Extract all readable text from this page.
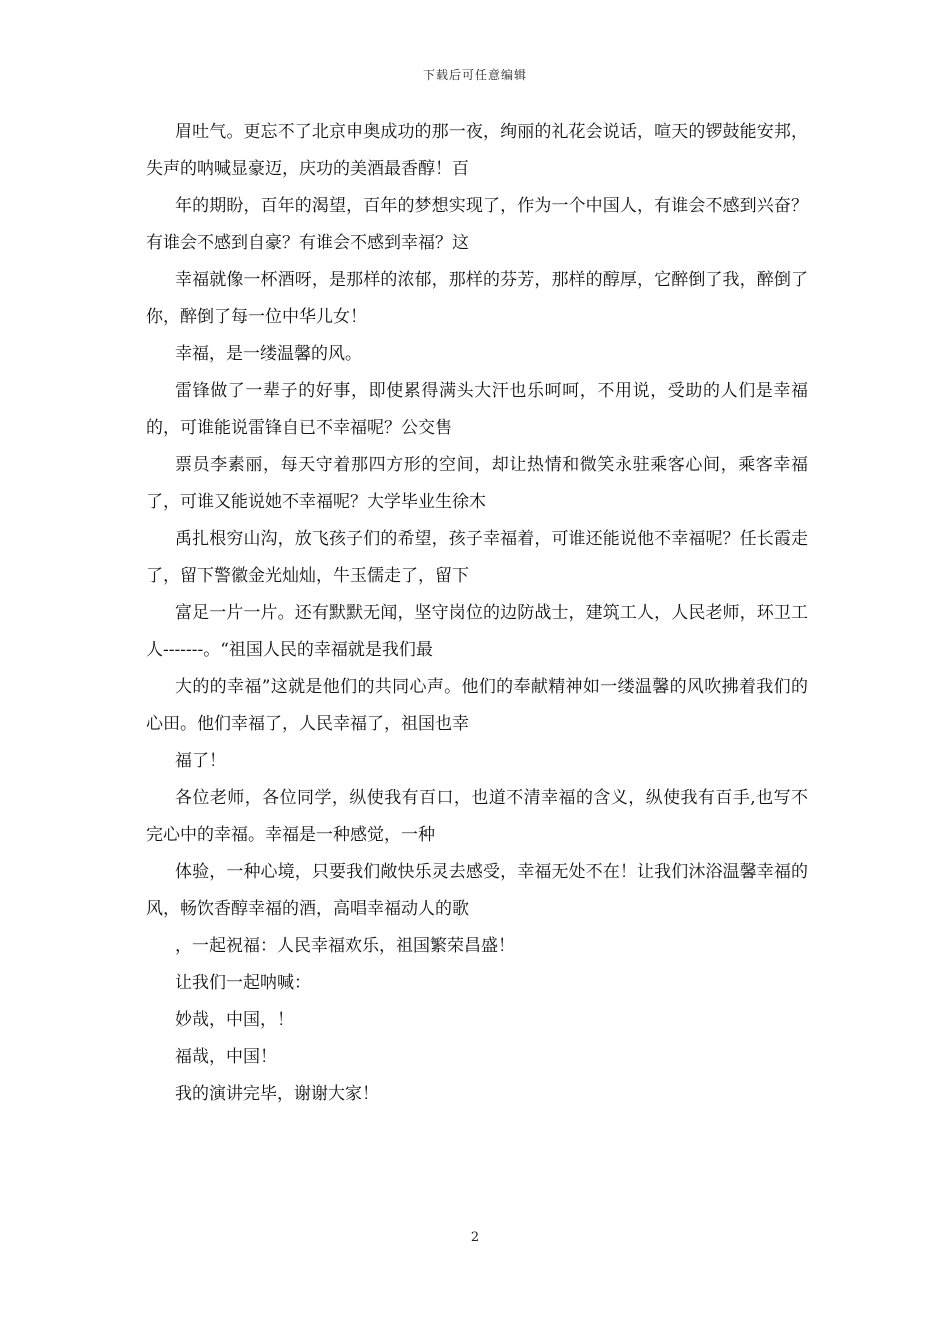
下载后可任意编辑

眉吐气。更忘不了北京申奥成功的那一夜，绚丽的礼花会说话，喧天的锣鼓能安邦，失声的呐喊显豪迈，庆功的美酒最香醇！百

年的期盼，百年的渴望，百年的梦想实现了，作为一个中国人，有谁会不感到兴奋？有谁会不感到自豪？有谁会不感到幸福？这

幸福就像一杯酒呀，是那样的浓郁，那样的芬芳，那样的醇厚，它醉倒了我，醉倒了你，醉倒了每一位中华儿女！

幸福，是一缕温馨的风。

雷锋做了一辈子的好事，即使累得满头大汗也乐呵呵，不用说，受助的人们是幸福的，可谁能说雷锋自已不幸福呢？公交售

票员李素丽，每天守着那四方形的空间，却让热情和微笑永驻乘客心间，乘客幸福了，可谁又能说她不幸福呢？大学毕业生徐木

禹扎根穷山沟，放飞孩子们的希望，孩子幸福着，可谁还能说他不幸福呢？任长霞走了，留下警徽金光灿灿，牛玉儒走了，留下

富足一片一片。还有默默无闻，坚守岗位的边防战士，建筑工人，人民老师，环卫工人-------。“祖国人民的幸福就是我们最

大的的幸福”这就是他们的共同心声。他们的奉献精神如一缕温馨的风吹拂着我们的心田。他们幸福了，人民幸福了，祖国也幸

福了！

各位老师，各位同学，纵使我有百口，也道不清幸福的含义，纵使我有百手,也写不完心中的幸福。幸福是一种感觉，一种

体验，一种心境，只要我们敞快乐灵去感受，幸福无处不在！让我们沐浴温馨幸福的风，畅饮香醇幸福的酒，高唱幸福动人的歌

，一起祝福：人民幸福欢乐，祖国繁荣昌盛！

让我们一起呐喊：

妙哉，中国，！

福哉，中国！

我的演讲完毕，谢谢大家！

2
